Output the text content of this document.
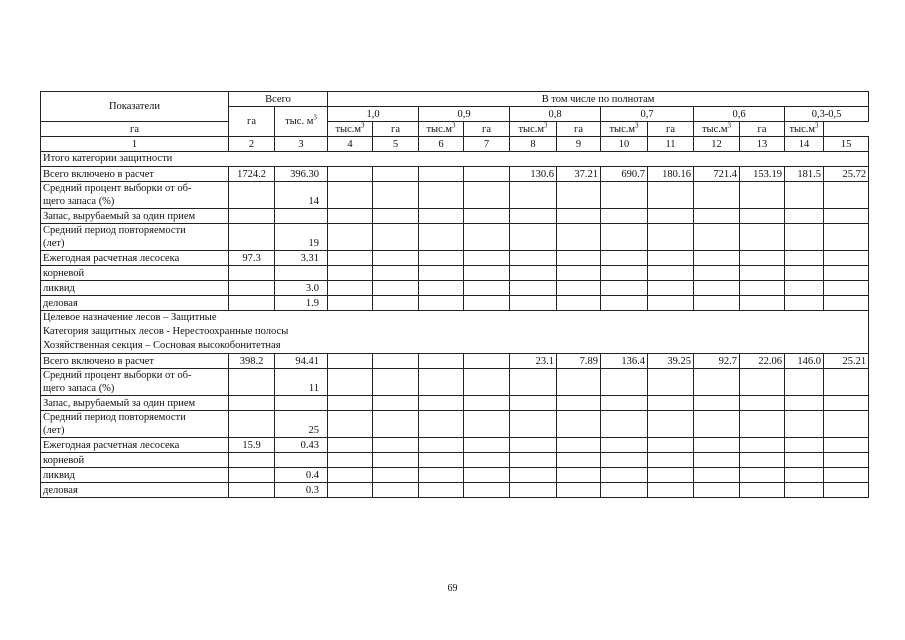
Показатели	Всего		В том числе по полнотам											
	га	тыс. $м^3$	1,0		0,9		0,8		0,7		0,6		0,3-0,5	
га			$тыс.м^3$	га	$тыс.м^3$	га	$тыс.м^3$	га	$тыс.м^3$	га	$тыс.м^3$	га	$тыс.м^3$
1	2	3	4	5	6	7	8	9	10	11	12	13	14	15
Итого категории защитности														
Всего включено в расчет	1724.2	396.30					130.6	37.21	690.7	180.16	721.4	153.19	181.5	25.72
Средний процент выборки от об-
щего запаса (%)		14												
Запас, вырубаемый за один прием														
Средний период повторяемости
(лет)		19												
Ежегодная расчетная лесосека	97.3	3.31												
корневой														
ликвид		3.0												
деловая		1.9												
Целевое назначение лесов – Защитные
Категория защитных лесов - Нерестоохранные полосы
Хозяйственная секция – Сосновая высокобонитетная														
Всего включено в расчет	398.2	94.41					23.1	7.89	136.4	39.25	92.7	22.06	146.0	25.21
Средний процент выборки от об-
щего запаса (%)		11												
Запас, вырубаемый за один прием														
Средний период повторяемости
(лет)		25												
Ежегодная расчетная лесосека	15.9	0.43												
корневой														
ликвид		0.4												
деловая		0.3												
69
